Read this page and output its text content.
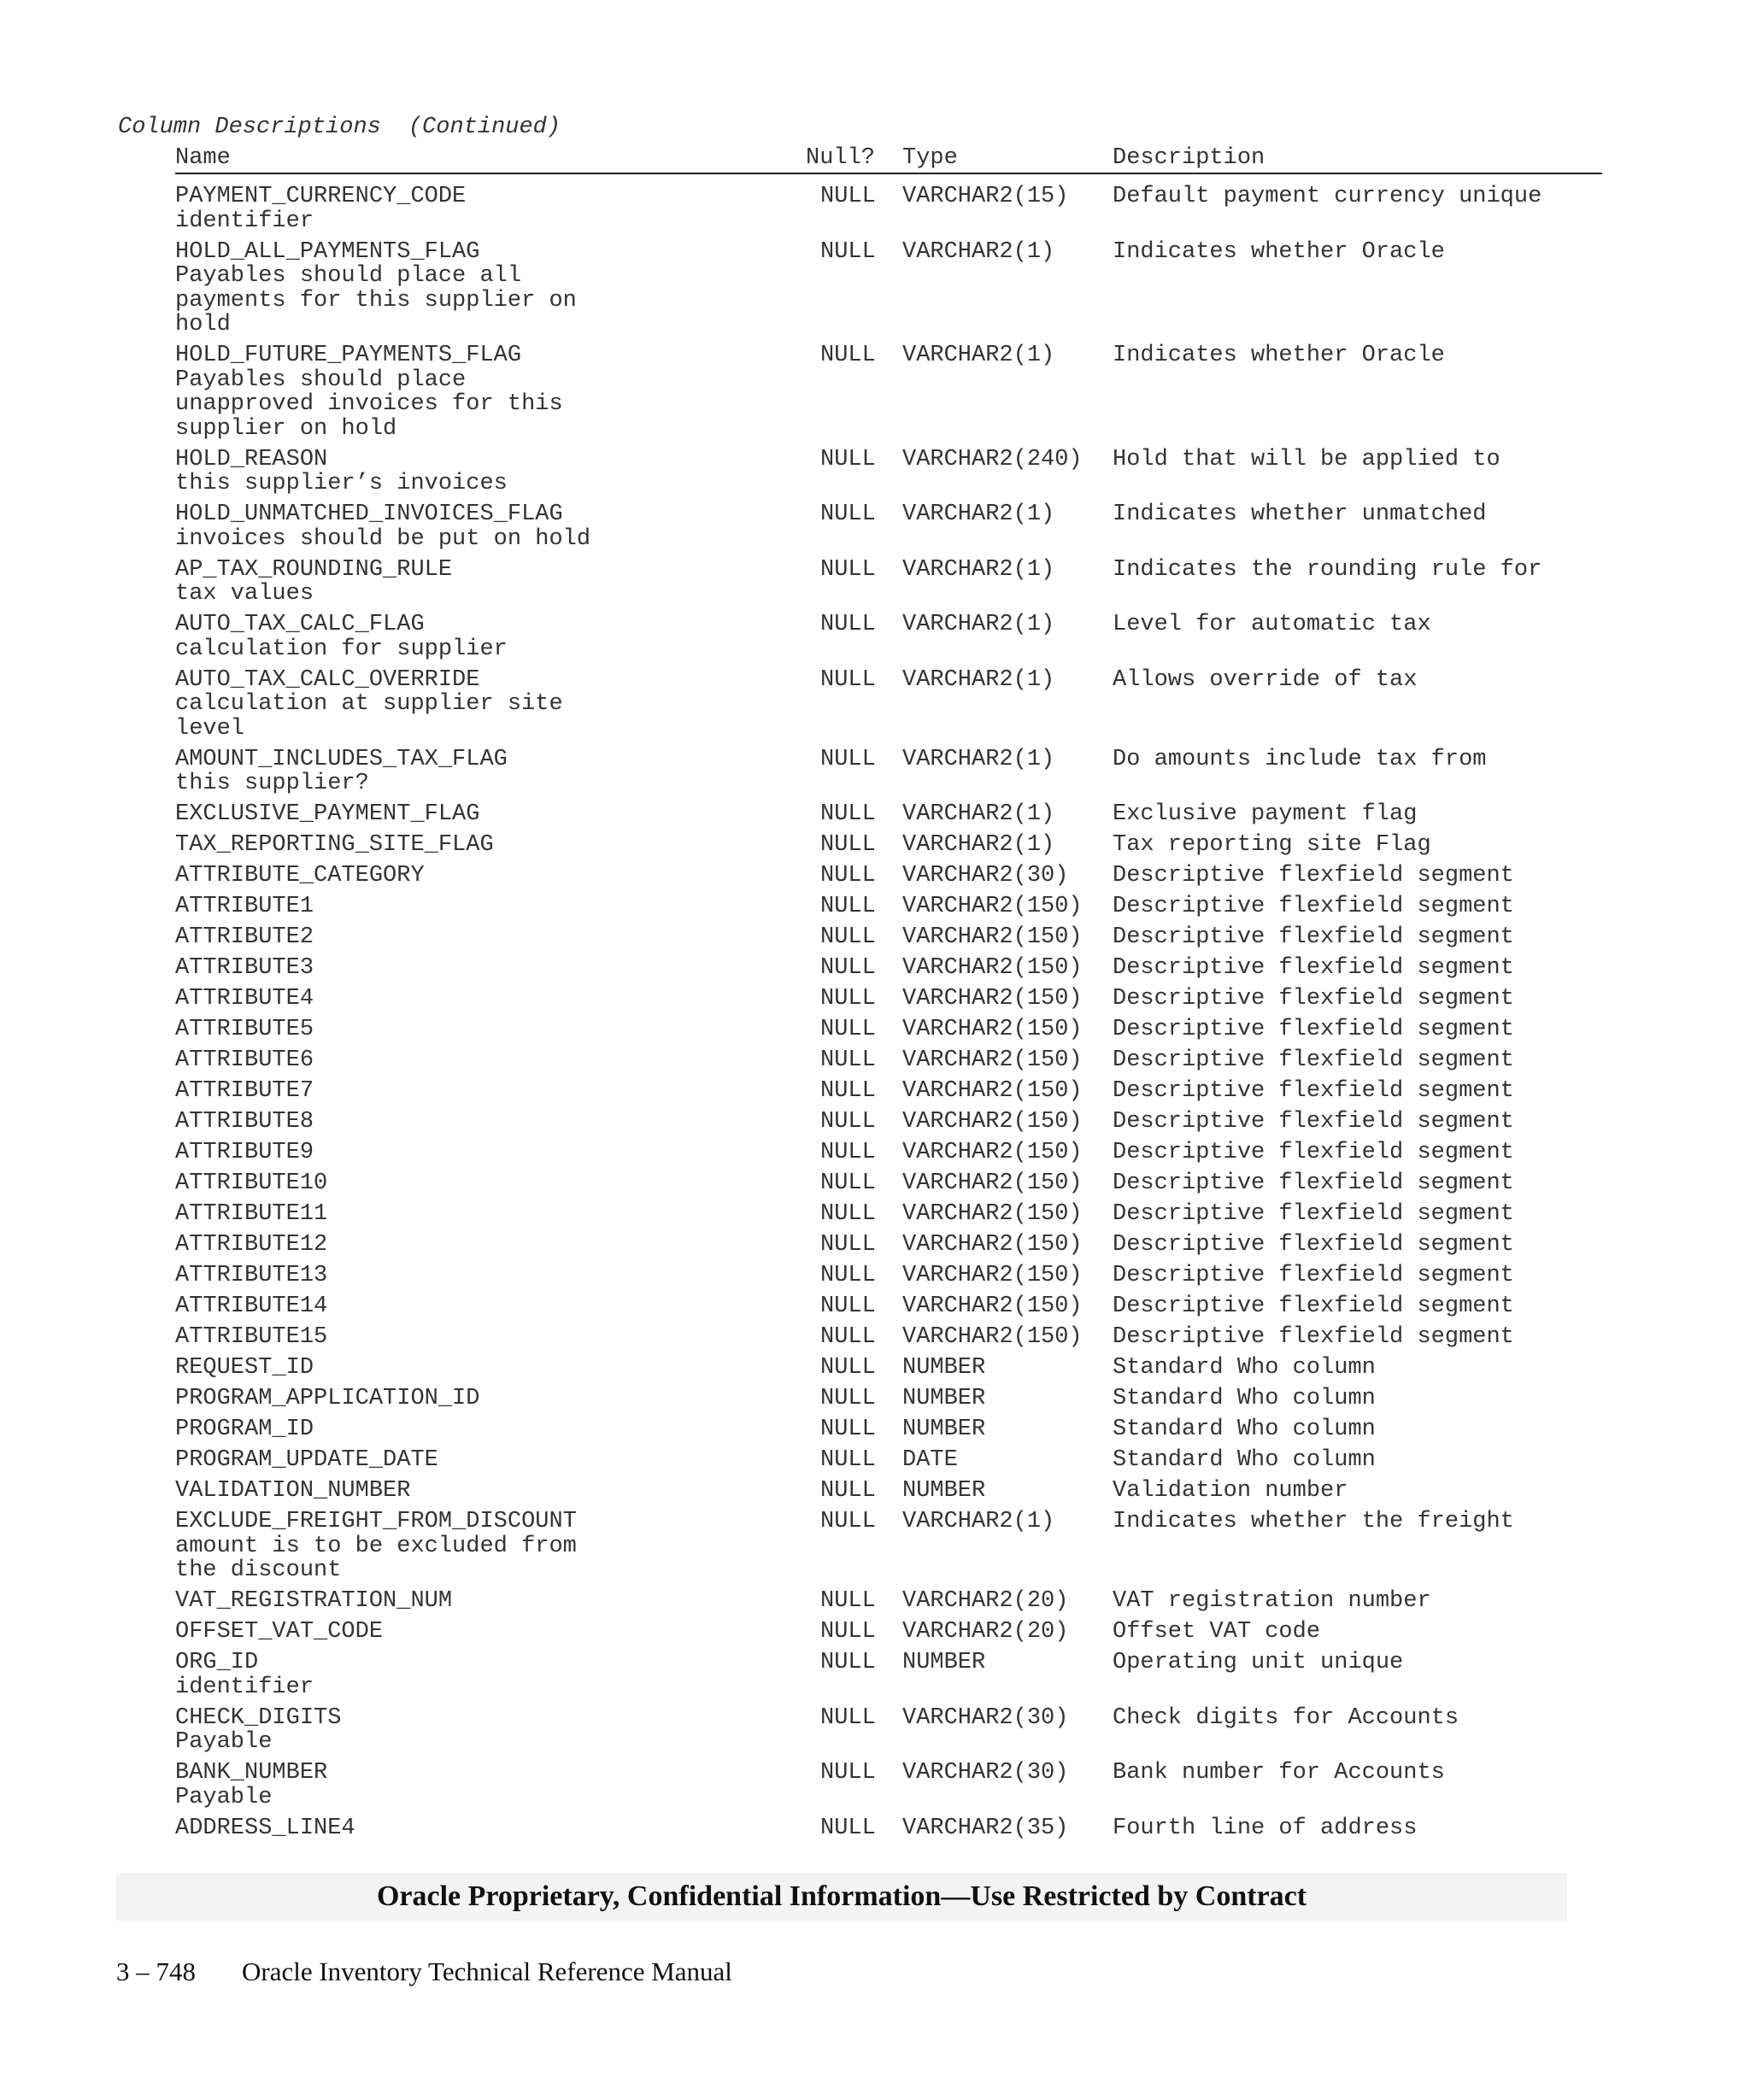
Column Descriptions (Continued)
Name	Null? Type	Description
PAYMENT_CURRENCY_CODE	NULL VARCHAR2(15) Default payment currency unique
identifier
HOLD_ALL_PAYMENTS_FLAG	NULL VARCHAR2(1)	Indicates whether Oracle
Payables should place all
payments for this supplier on
hold
HOLD_FUTURE_PAYMENTS_FLAG	NULL VARCHAR2(1)	Indicates whether Oracle
Payables should place
unapproved invoices for this
supplier on hold
HOLD_REASON	NULL VARCHAR2(240) Hold that will be applied to
this supplier’s invoices
HOLD_UNMATCHED_INVOICES_FLAG	NULL VARCHAR2(1)	Indicates whether unmatched
invoices should be put on hold
AP_TAX_ROUNDING_RULE	NULL VARCHAR2(1)	Indicates the rounding rule for
tax values
AUTO_TAX_CALC_FLAG	NULL VARCHAR2(1)	Level for automatic tax
calculation for supplier
AUTO_TAX_CALC_OVERRIDE	NULL VARCHAR2(1)	Allows override of tax
calculation at supplier site
level
AMOUNT_INCLUDES_TAX_FLAG	NULL VARCHAR2(1)	Do amounts include tax from
this supplier?
EXCLUSIVE_PAYMENT_FLAG	NULL VARCHAR2(1)	Exclusive payment flag
TAX_REPORTING_SITE_FLAG	NULL VARCHAR2(1)	Tax reporting site Flag
ATTRIBUTE_CATEGORY	NULL VARCHAR2(30) Descriptive flexfield segment
ATTRIBUTE1	NULL VARCHAR2(150) Descriptive flexfield segment
ATTRIBUTE2	NULL VARCHAR2(150) Descriptive flexfield segment
ATTRIBUTE3	NULL VARCHAR2(150) Descriptive flexfield segment
ATTRIBUTE4	NULL VARCHAR2(150) Descriptive flexfield segment
ATTRIBUTE5	NULL VARCHAR2(150) Descriptive flexfield segment
ATTRIBUTE6	NULL VARCHAR2(150) Descriptive flexfield segment
ATTRIBUTE7	NULL VARCHAR2(150) Descriptive flexfield segment
ATTRIBUTE8	NULL VARCHAR2(150) Descriptive flexfield segment
ATTRIBUTE9	NULL VARCHAR2(150) Descriptive flexfield segment
ATTRIBUTE10	NULL VARCHAR2(150) Descriptive flexfield segment
ATTRIBUTE11	NULL VARCHAR2(150) Descriptive flexfield segment
ATTRIBUTE12	NULL VARCHAR2(150) Descriptive flexfield segment
ATTRIBUTE13	NULL VARCHAR2(150) Descriptive flexfield segment
ATTRIBUTE14	NULL VARCHAR2(150) Descriptive flexfield segment
ATTRIBUTE15	NULL VARCHAR2(150) Descriptive flexfield segment
REQUEST_ID	NULL NUMBER	Standard Who column
PROGRAM_APPLICATION_ID	NULL NUMBER	Standard Who column
PROGRAM_ID	NULL NUMBER	Standard Who column
PROGRAM_UPDATE_DATE	NULL DATE	Standard Who column
VALIDATION_NUMBER	NULL NUMBER	Validation number
EXCLUDE_FREIGHT_FROM_DISCOUNT	NULL VARCHAR2(1)	Indicates whether the freight
amount is to be excluded from
the discount
VAT_REGISTRATION_NUM	NULL VARCHAR2(20) VAT registration number
OFFSET_VAT_CODE	NULL VARCHAR2(20) Offset VAT code
ORG_ID	NULL NUMBER	Operating unit unique
identifier
CHECK_DIGITS	NULL VARCHAR2(30) Check digits for Accounts
Payable
BANK_NUMBER	NULL VARCHAR2(30) Bank number for Accounts
Payable
ADDRESS_LINE4	NULL VARCHAR2(35) Fourth line of address
Oracle Proprietary, Confidential Information––Use Restricted by Contract
3 – 748 Oracle Inventory Technical Reference Manual
